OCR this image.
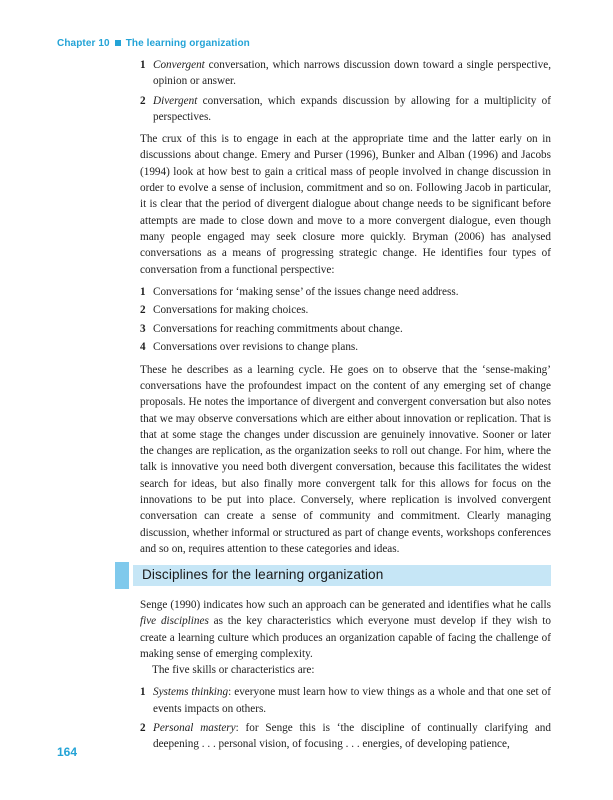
Chapter 10 The learning organization
1 Convergent conversation, which narrows discussion down toward a single perspective, opinion or answer.
2 Divergent conversation, which expands discussion by allowing for a multiplicity of perspectives.

The crux of this is to engage in each at the appropriate time and the latter early on in discussions about change. Emery and Purser (1996), Bunker and Alban (1996) and Jacobs (1994) look at how best to gain a critical mass of people involved in change discussion in order to evolve a sense of inclusion, commitment and so on. Following Jacob in particular, it is clear that the period of divergent dialogue about change needs to be significant before attempts are made to close down and move to a more convergent dialogue, even though many people engaged may seek closure more quickly. Bryman (2006) has analysed conversations as a means of progressing strategic change. He identifies four types of conversation from a functional perspective:

1 Conversations for ‘making sense’ of the issues change need address.
2 Conversations for making choices.
3 Conversations for reaching commitments about change.
4 Conversations over revisions to change plans.

These he describes as a learning cycle. He goes on to observe that the ‘sense-making’ conversations have the profoundest impact on the content of any emerging set of change proposals. He notes the importance of divergent and convergent conversation but also notes that we may observe conversations which are either about innovation or replication. That is that at some stage the changes under discussion are genuinely innovative. Sooner or later the changes are replication, as the organization seeks to roll out change. For him, where the talk is innovative you need both divergent conversation, because this facilitates the widest search for ideas, but also finally more convergent talk for this allows for focus on the innovations to be put into place. Conversely, where replication is involved convergent conversation can create a sense of community and commitment. Clearly managing discussion, whether informal or structured as part of change events, workshops conferences and so on, requires attention to these categories and ideas.

Disciplines for the learning organization

Senge (1990) indicates how such an approach can be generated and identifies what he calls five disciplines as the key characteristics which everyone must develop if they wish to create a learning culture which produces an organization capable of facing the challenge of making sense of emerging complexity.

The five skills or characteristics are:

1 Systems thinking: everyone must learn how to view things as a whole and that one set of events impacts on others.
2 Personal mastery: for Senge this is ‘the discipline of continually clarifying and deepening . . . personal vision, of focusing . . . energies, of developing patience,
164
